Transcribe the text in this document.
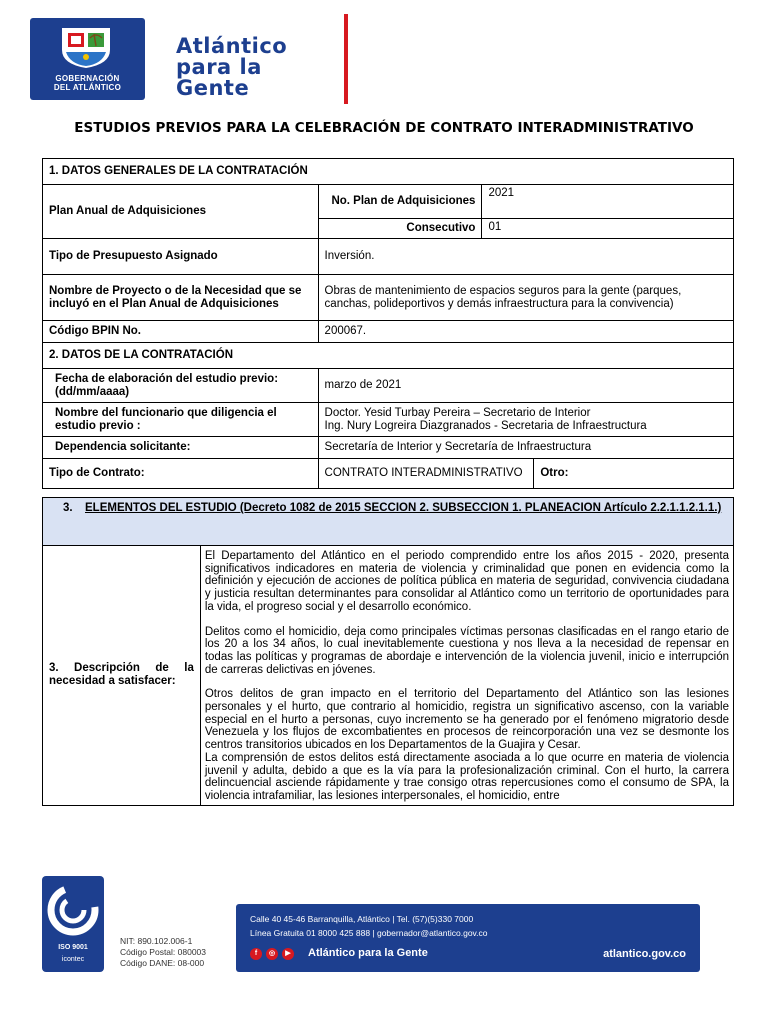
GOBERNACIÓN
DEL ATLÁNTICO
Atlántico
para la
Gente
ESTUDIOS PREVIOS PARA LA CELEBRACIÓN DE CONTRATO INTERADMINISTRATIVO
1. DATOS GENERALES DE LA CONTRATACIÓN			
Plan Anual de Adquisiciones	No. Plan de Adquisiciones	2021	
	Consecutivo	01	
Tipo de Presupuesto Asignado	Inversión.		
Nombre de Proyecto o de la Necesidad que se incluyó en el Plan Anual de Adquisiciones	Obras de mantenimiento de espacios seguros para la gente (parques, canchas, polideportivos y demás infraestructura para la convivencia)		
Código BPIN No.	200067.		
2. DATOS DE LA CONTRATACIÓN			
Fecha de elaboración del estudio previo: (dd/mm/aaaa)	marzo de 2021		
Nombre del funcionario que diligencia el estudio previo :	Doctor. Yesid Turbay Pereira – Secretario de Interior
Ing. Nury Logreira Diazgranados - Secretaria de Infraestructura		

Dependencia solicitante:	Secretaría de Interior y Secretaría de Infraestructura		
Tipo de Contrato:	CONTRATO INTERADMINISTRATIVO		Otro:
3. ELEMENTOS DEL ESTUDIO (Decreto 1082 de 2015 SECCION 2. SUBSECCION 1. PLANEACION Artículo 2.2.1.1.2.1.1.)
3. Descripción de la necesidad a satisfacer:	

El Departamento del Atlántico en el periodo comprendido entre los años 2015 - 2020, presenta significativos indicadores en materia de violencia y criminalidad que ponen en evidencia como la definición y ejecución de acciones de política pública en materia de seguridad, convivencia ciudadana y justicia resultan determinantes para consolidar al Atlántico como un territorio de oportunidades para la vida, el progreso social y el desarrollo económico.

Delitos como el homicidio, deja como principales víctimas personas clasificadas en el rango etario de los 20 a los 34 años, lo cual inevitablemente cuestiona y nos lleva a la necesidad de repensar en todas las políticas y programas de abordaje e intervención de la violencia juvenil, inicio e interrupción de carreras delictivas en jóvenes.

Otros delitos de gran impacto en el territorio del Departamento del Atlántico son las lesiones personales y el hurto, que contrario al homicidio, registra un significativo ascenso, con la variable especial en el hurto a personas, cuyo incremento se ha generado por el fenómeno migratorio desde Venezuela y los flujos de excombatientes en procesos de reincorporación una vez se desmonte los centros transitorios ubicados en los Departamentos de la Guajira y Cesar.

La comprensión de estos delitos está directamente asociada a lo que ocurre en materia de violencia juvenil y adulta, debido a que es la vía para la profesionalización criminal. Con el hurto, la carrera delincuencial asciende rápidamente y trae consigo otras repercusiones como el consumo de SPA, la violencia intrafamiliar, las lesiones interpersonales, el homicidio, entre

ISO 9001
icontec
NIT: 890.102.006-1
Código Postal: 080003
Código DANE: 08-000
Calle 40 45-46 Barranquilla, Atlántico | Tel. (57)(5)330 7000
Línea Gratuita 01 8000 425 888 | gobernador@atlantico.gov.co
f	◎	▶	Atlántico para la Gente	atlantico.gov.co
